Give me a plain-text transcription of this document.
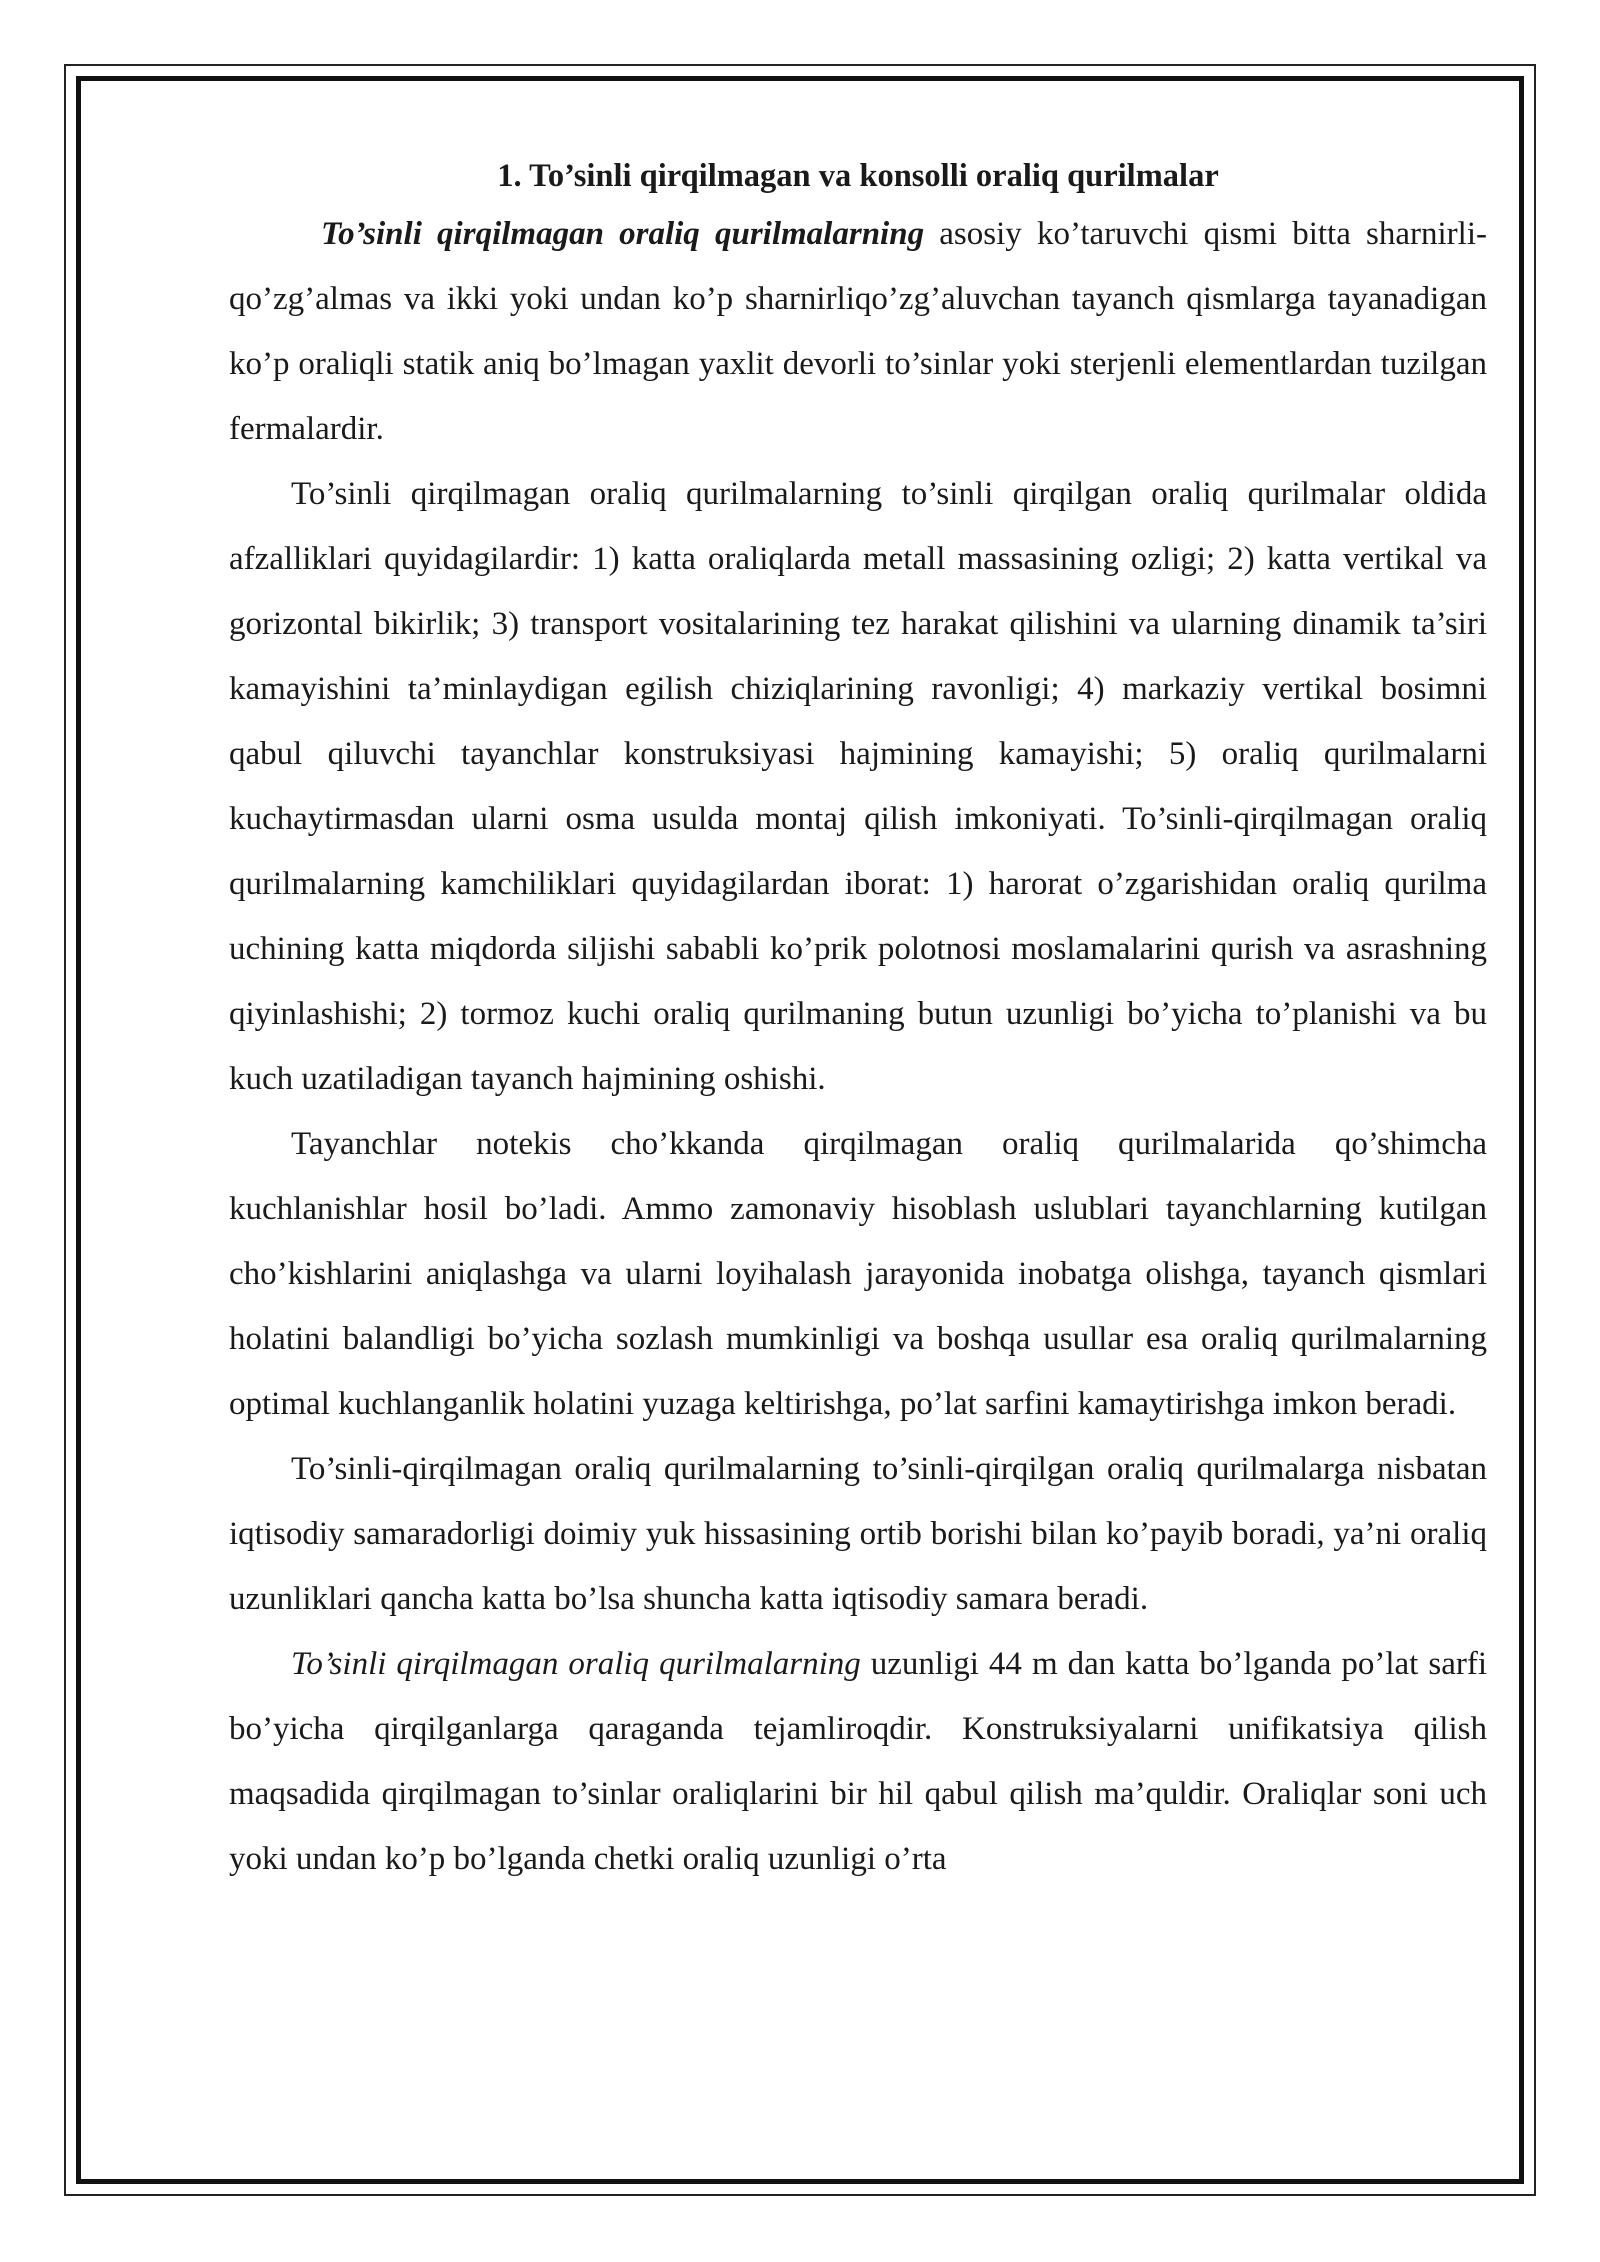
1. To’sinli qirqilmagan va konsolli oraliq qurilmalar

To’sinli qirqilmagan oraliq qurilmalarning asosiy ko’taruvchi qismi bitta sharnirli-qo’zg’almas va ikki yoki undan ko’p sharnirliqo’zg’aluvchan tayanch qismlarga tayanadigan ko’p oraliqli statik aniq bo’lmagan yaxlit devorli to’sinlar yoki sterjenli elementlardan tuzilgan fermalardir.

To’sinli qirqilmagan oraliq qurilmalarning to’sinli qirqilgan oraliq qurilmalar oldida afzalliklari quyidagilardir: 1) katta oraliqlarda metall massasining ozligi; 2) katta vertikal va gorizontal bikirlik; 3) transport vositalarining tez harakat qilishini va ularning dinamik ta’siri kamayishini ta’minlaydigan egilish chiziqlarining ravonligi; 4) markaziy vertikal bosimni qabul qiluvchi tayanchlar konstruksiyasi hajmining kamayishi; 5) oraliq qurilmalarni kuchaytirmasdan ularni osma usulda montaj qilish imkoniyati. To’sinli-qirqilmagan oraliq qurilmalarning kamchiliklari quyidagilardan iborat: 1) harorat o’zgarishidan oraliq qurilma uchining katta miqdorda siljishi sababli ko’prik polotnosi moslamalarini qurish va asrashning qiyinlashishi; 2) tormoz kuchi oraliq qurilmaning butun uzunligi bo’yicha to’planishi va bu kuch uzatiladigan tayanch hajmining oshishi.

Tayanchlar notekis cho’kkanda qirqilmagan oraliq qurilmalarida qo’shimcha kuchlanishlar hosil bo’ladi. Ammo zamonaviy hisoblash uslublari tayanchlarning kutilgan cho’kishlarini aniqlashga va ularni loyihalash jarayonida inobatga olishga, tayanch qismlari holatini balandligi bo’yicha sozlash mumkinligi va boshqa usullar esa oraliq qurilmalarning optimal kuchlanganlik holatini yuzaga keltirishga, po’lat sarfini kamaytirishga imkon beradi.

To’sinli-qirqilmagan oraliq qurilmalarning to’sinli-qirqilgan oraliq qurilmalarga nisbatan iqtisodiy samaradorligi doimiy yuk hissasining ortib borishi bilan ko’payib boradi, ya’ni oraliq uzunliklari qancha katta bo’lsa shuncha katta iqtisodiy samara beradi.

To’sinli qirqilmagan oraliq qurilmalarning uzunligi 44 m dan katta bo’lganda po’lat sarfi bo’yicha qirqilganlarga qaraganda tejamliroqdir. Konstruksiyalarni unifikatsiya qilish maqsadida qirqilmagan to’sinlar oraliqlarini bir hil qabul qilish ma’quldir. Oraliqlar soni uch yoki undan ko’p bo’lganda chetki oraliq uzunligi o’rta
